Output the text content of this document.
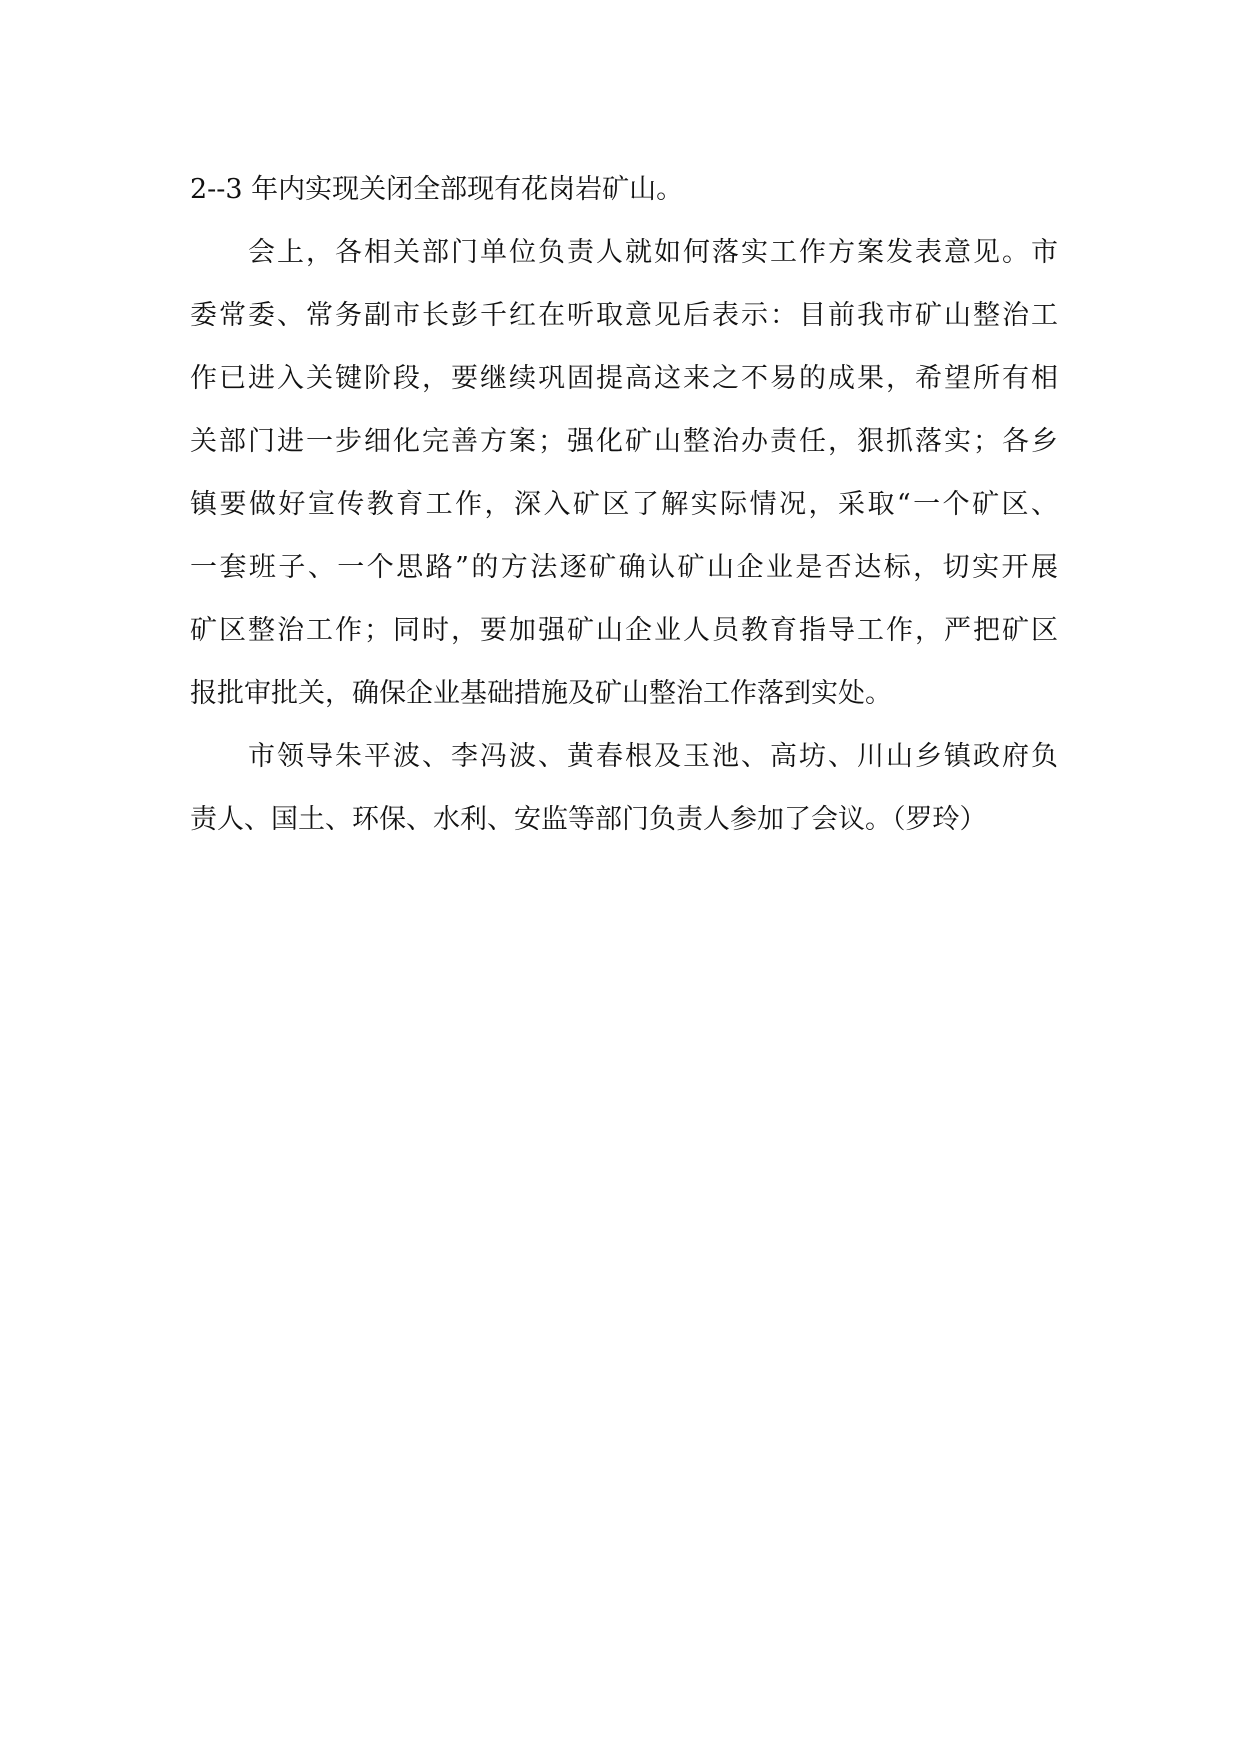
2--3 年内实现关闭全部现有花岗岩矿山。
会上，各相关部门单位负责人就如何落实工作方案发表意见。市
委常委、常务副市长彭千红在听取意见后表示：目前我市矿山整治工
作已进入关键阶段，要继续巩固提高这来之不易的成果，希望所有相
关部门进一步细化完善方案；强化矿山整治办责任，狠抓落实；各乡
镇要做好宣传教育工作，深入矿区了解实际情况，采取“一个矿区、
一套班子、一个思路”的方法逐矿确认矿山企业是否达标，切实开展
矿区整治工作；同时，要加强矿山企业人员教育指导工作，严把矿区
报批审批关，确保企业基础措施及矿山整治工作落到实处。
市领导朱平波、李冯波、黄春根及玉池、高坊、川山乡镇政府负
责人、国土、环保、水利、安监等部门负责人参加了会议。（罗玲）
